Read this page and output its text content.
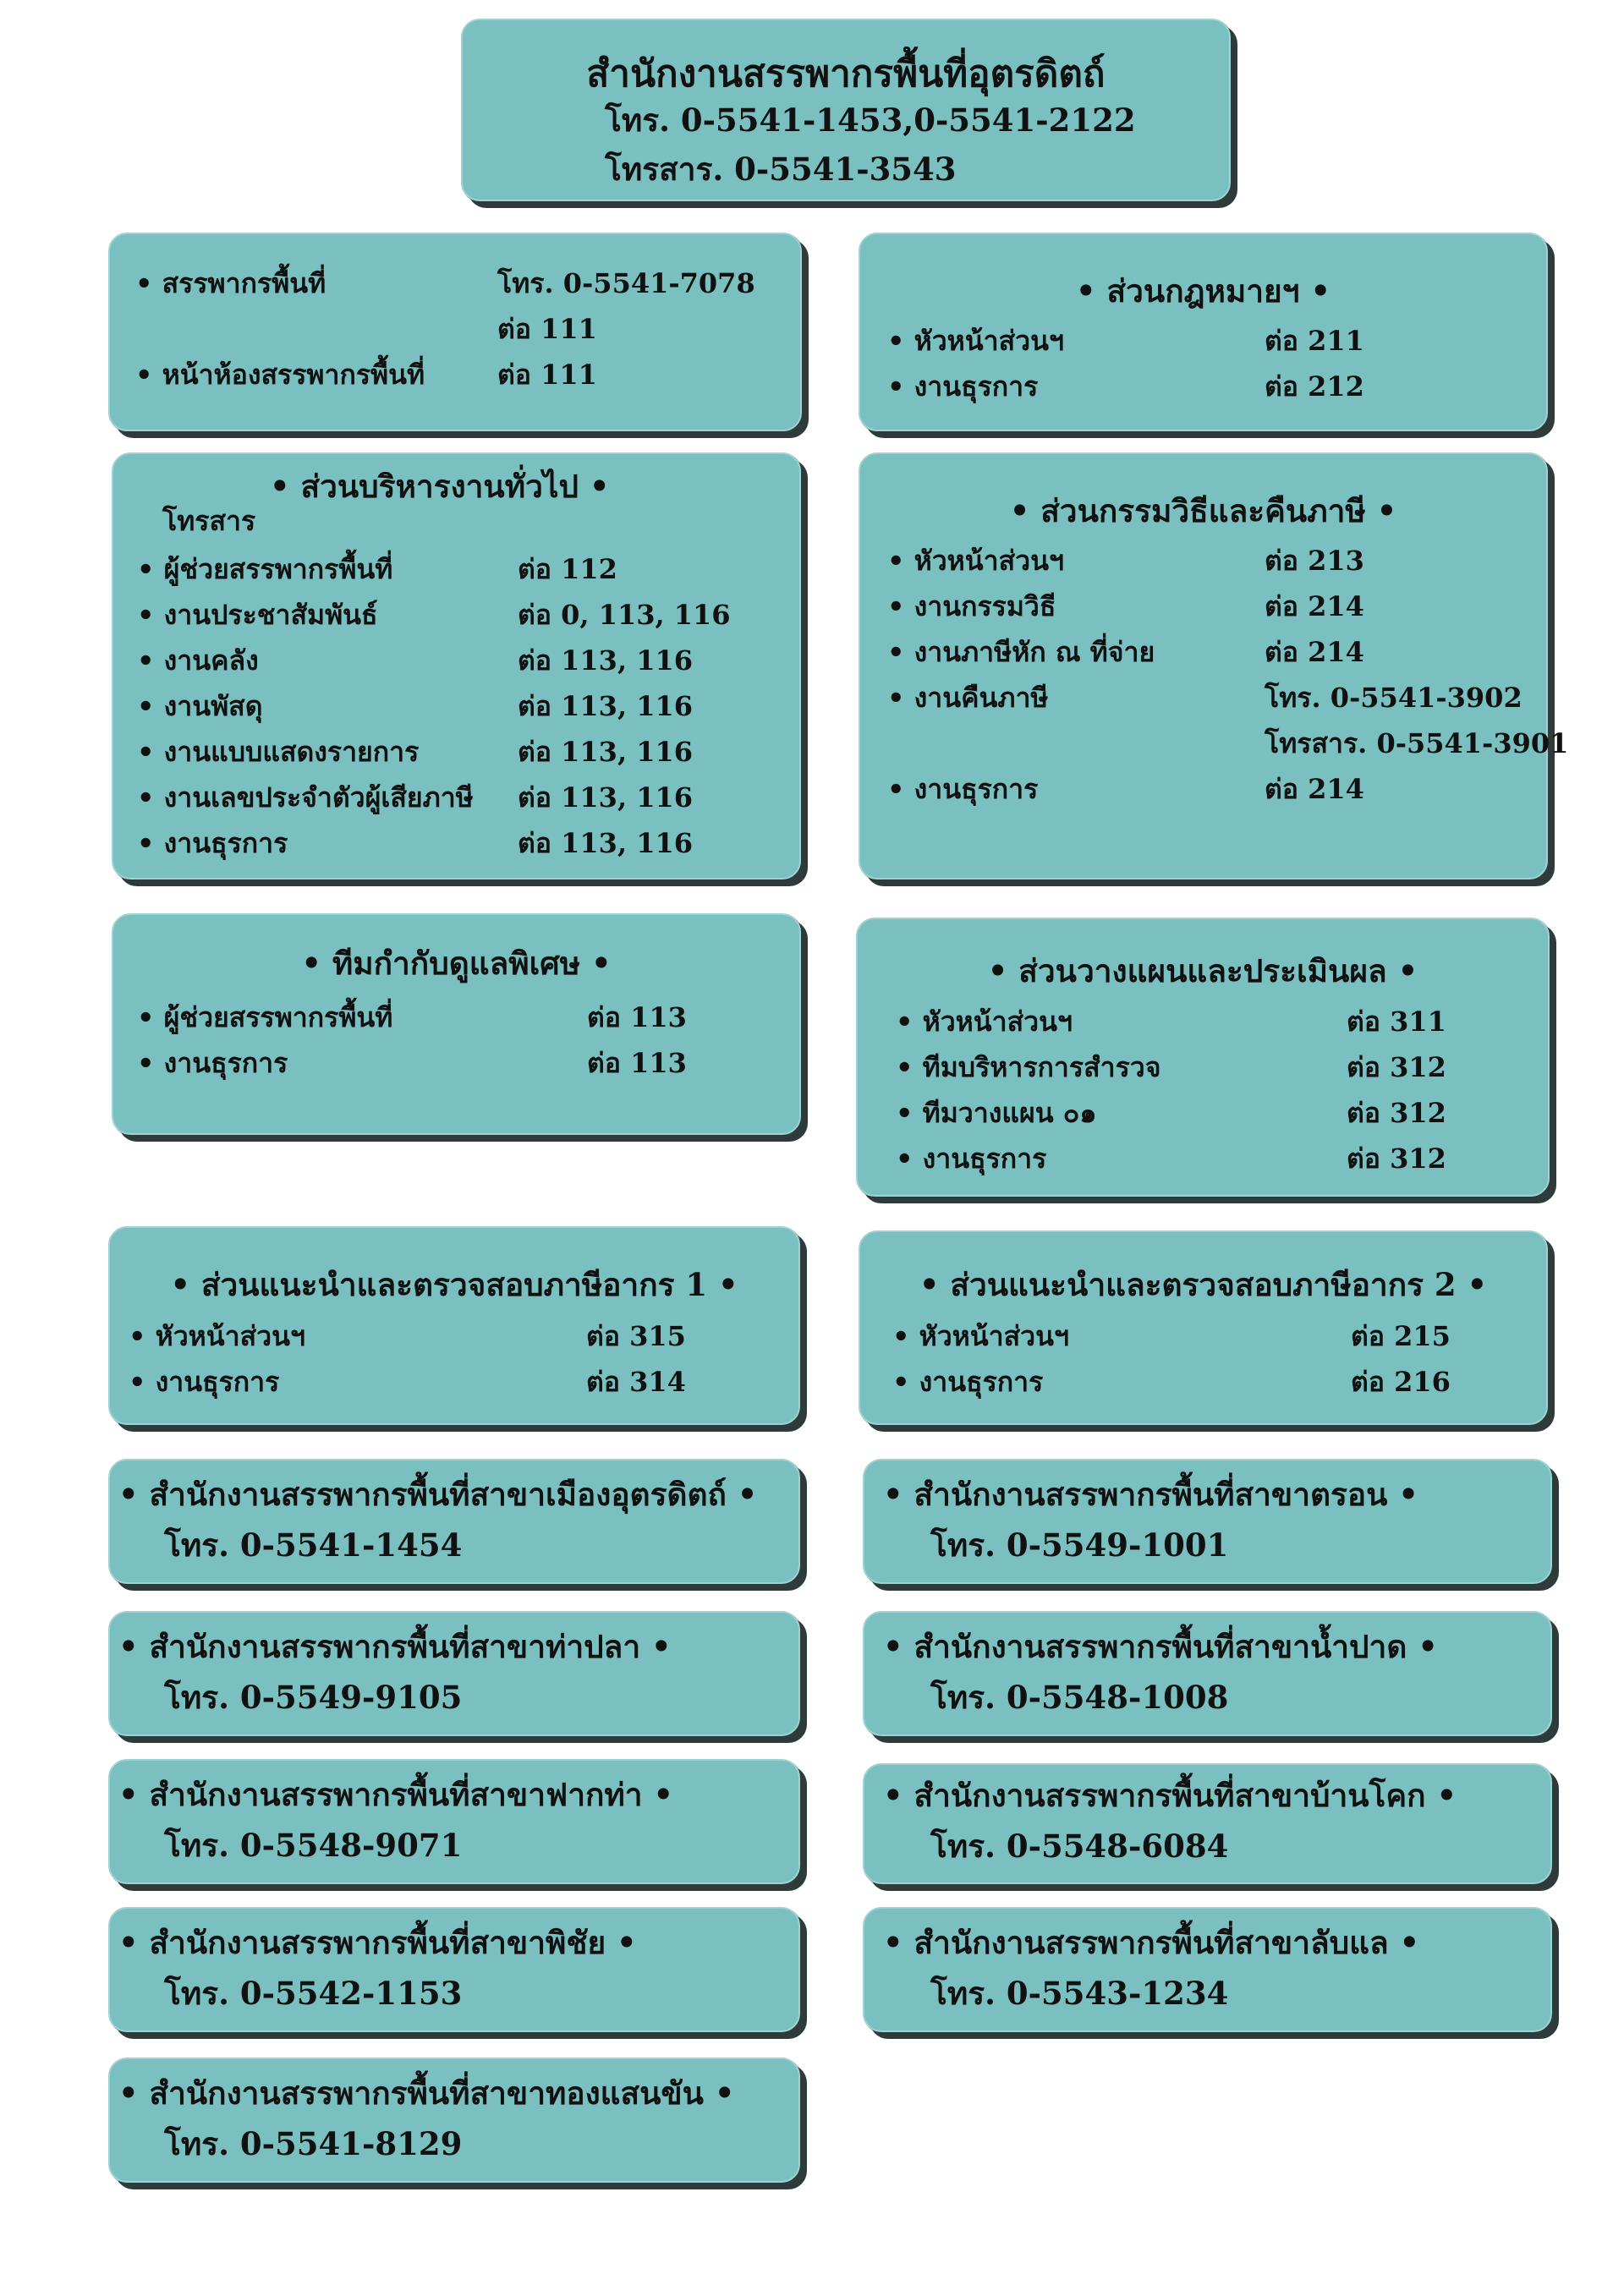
สำนักงานสรรพากรพื้นที่อุตรดิตถ์
โทร. 0-5541-1453,0-5541-2122
โทรสาร. 0-5541-3543
• สรรพากรพื้นที่	โทร. 0-5541-7078
ต่อ 111
• หน้าห้องสรรพากรพื้นที่	ต่อ 111
• ส่วนกฎหมายฯ •
• หัวหน้าส่วนฯ	ต่อ 211
• งานธุรการ	ต่อ 212
• ส่วนบริหารงานทั่วไป •
โทรสาร
• ผู้ช่วยสรรพากรพื้นที่	ต่อ 112
• งานประชาสัมพันธ์	ต่อ 0, 113, 116
• งานคลัง	ต่อ 113, 116
• งานพัสดุ	ต่อ 113, 116
• งานแบบแสดงรายการ	ต่อ 113, 116
• งานเลขประจำตัวผู้เสียภาษี ต่อ 113, 116
• งานธุรการ	ต่อ 113, 116
• ส่วนกรรมวิธีและคืนภาษี •
• หัวหน้าส่วนฯ	ต่อ 213
• งานกรรมวิธี	ต่อ 214
• งานภาษีหัก ณ ที่จ่าย	ต่อ 214
• งานคืนภาษี	โทร. 0-5541-3902
โทรสาร. 0-5541-3901
• งานธุรการ	ต่อ 214
• ทีมกำกับดูแลพิเศษ •
• ผู้ช่วยสรรพากรพื้นที่	ต่อ 113
• งานธุรการ	ต่อ 113
• ส่วนวางแผนและประเมินผล •
• หัวหน้าส่วนฯ	ต่อ 311
• ทีมบริหารการสำรวจ	ต่อ 312
• ทีมวางแผน ๐๑	ต่อ 312
• งานธุรการ	ต่อ 312
• ส่วนแนะนำและตรวจสอบภาษีอากร 1 •
• หัวหน้าส่วนฯ	ต่อ 315
• งานธุรการ	ต่อ 314
• ส่วนแนะนำและตรวจสอบภาษีอากร 2 •
• หัวหน้าส่วนฯ	ต่อ 215
• งานธุรการ	ต่อ 216
• สำนักงานสรรพากรพื้นที่สาขาเมืองอุตรดิตถ์ •
โทร. 0-5541-1454
• สำนักงานสรรพากรพื้นที่สาขาท่าปลา •
โทร. 0-5549-9105
• สำนักงานสรรพากรพื้นที่สาขาฟากท่า •
โทร. 0-5548-9071
• สำนักงานสรรพากรพื้นที่สาขาพิชัย •
โทร. 0-5542-1153
• สำนักงานสรรพากรพื้นที่สาขาทองแสนขัน •
โทร. 0-5541-8129
• สำนักงานสรรพากรพื้นที่สาขาตรอน •
โทร. 0-5549-1001
• สำนักงานสรรพากรพื้นที่สาขาน้ำปาด •
โทร. 0-5548-1008
• สำนักงานสรรพากรพื้นที่สาขาบ้านโคก •
โทร. 0-5548-6084
• สำนักงานสรรพากรพื้นที่สาขาลับแล •
โทร. 0-5543-1234
